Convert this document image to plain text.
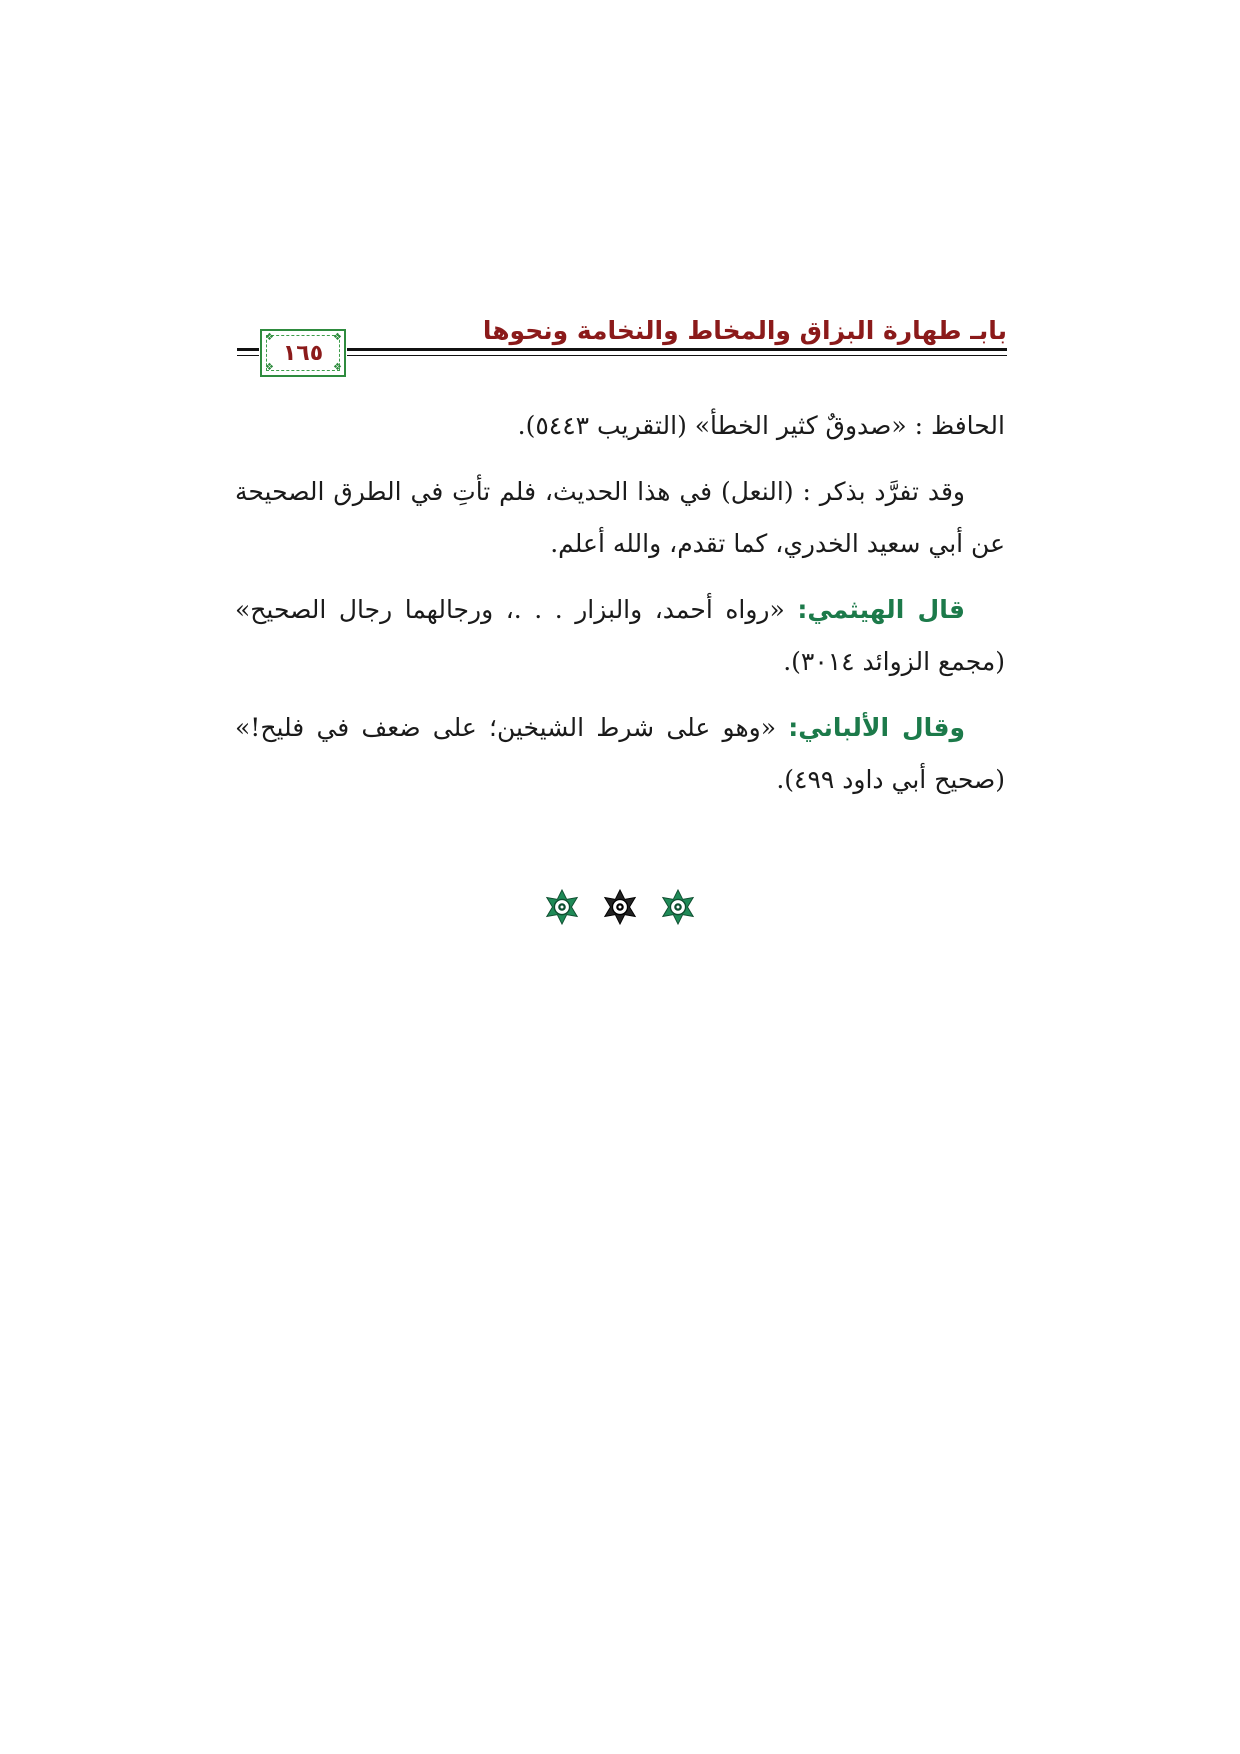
بابـ طهارة البزاق والمخاط والنخامة ونحوها
❖	❖
❖	❖
١٦٥

الحافظ : «صدوقٌ كثير الخطأ» (التقريب ٥٤٤٣).

وقد تفرَّد بذكر : (النعل) في هذا الحديث، فلم تأتِ في الطرق الصحيحة عن أبي سعيد الخدري، كما تقدم، والله أعلم.

قال الهيثمي: «رواه أحمد، والبزار . . .، ورجالهما رجال الصحيح» (مجمع الزوائد ٣٠١٤).

وقال الألباني: «وهو على شرط الشيخين؛ على ضعف في فليح!» (صحيح أبي داود ٤٩٩).
